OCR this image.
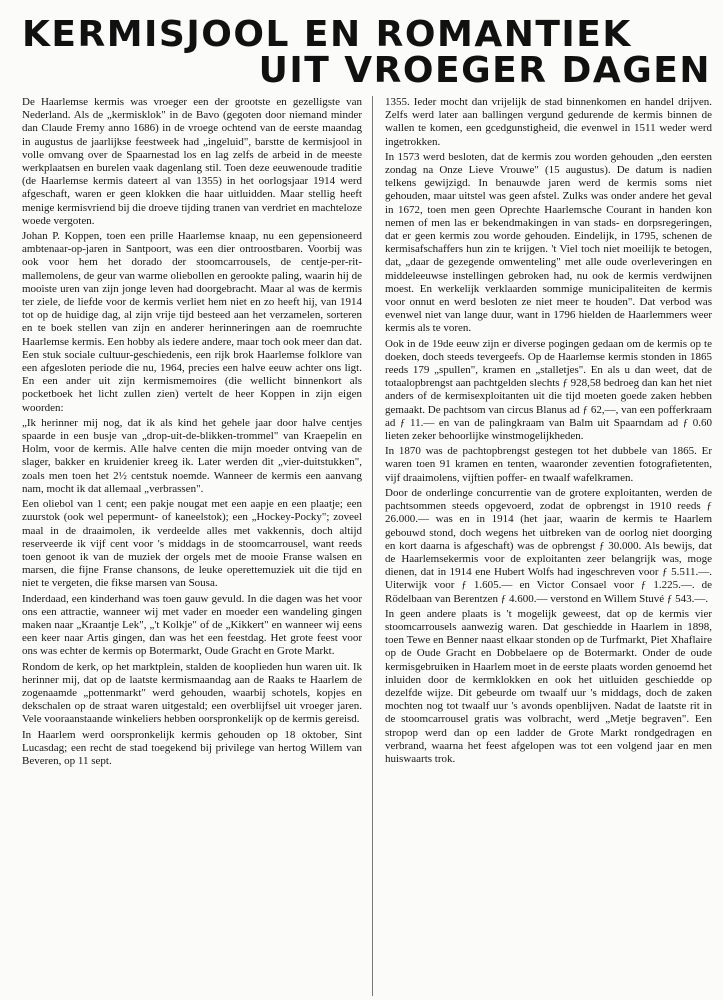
KERMISJOOL EN ROMANTIEK
UIT VROEGER DAGEN

De Haarlemse kermis was vroeger een der grootste en gezelligste van Nederland. Als de „kermisklok" in de Bavo (gegoten door niemand minder dan Claude Fremy anno 1686) in de vroege ochtend van de eerste maandag in augustus de jaarlijkse feestweek had „ingeluid", barstte de kermisjool in volle omvang over de Spaarnestad los en lag zelfs de arbeid in de meeste werkplaatsen en burelen vaak dagenlang stil. Toen deze eeuwenoude traditie (de Haarlemse kermis dateert al van 1355) in het oorlogsjaar 1914 werd afgeschaft, waren er geen klokken die haar uitluidden. Maar stellig heeft menige kermisvriend bij die droeve tijding tranen van verdriet en machteloze woede vergoten.

Johan P. Koppen, toen een prille Haarlemse knaap, nu een gepensioneerd ambtenaar-op-jaren in Santpoort, was een dier ontroostbaren. Voorbij was ook voor hem het dorado der stoomcarrousels, de centje-per-rit-mallemolens, de geur van warme oliebollen en gerookte paling, waarin hij de mooiste uren van zijn jonge leven had doorgebracht. Maar al was de kermis ter ziele, de liefde voor de kermis verliet hem niet en zo heeft hij, van 1914 tot op de huidige dag, al zijn vrije tijd besteed aan het verzamelen, sorteren en te boek stellen van zijn en anderer herinneringen aan de roemruchte Haarlemse kermis. Een hobby als iedere andere, maar toch ook meer dan dat. Een stuk sociale cultuur-geschiedenis, een rijk brok Haarlemse folklore van een afgesloten periode die nu, 1964, precies een halve eeuw achter ons ligt. En een ander uit zijn kermismemoires (die wellicht binnenkort als pocketboek het licht zullen zien) vertelt de heer Koppen in zijn eigen woorden:

„Ik herinner mij nog, dat ik als kind het gehele jaar door halve centjes spaarde in een busje van „drop-uit-de-blikken-trommel" van Kraepelin en Holm, voor de kermis. Alle halve centen die mijn moeder ontving van de slager, bakker en kruidenier kreeg ik. Later werden dit „vier-duitstukken", zoals men toen het 2½ centstuk noemde. Wanneer de kermis een aanvang nam, mocht ik dat allemaal „verbrassen".

Een oliebol van 1 cent; een pakje nougat met een aapje en een plaatje; een zuurstok (ook wel pepermunt- of kaneelstok); een „Hockey-Pocky"; zoveel maal in de draaimolen, ik verdeelde alles met vakkennis, doch altijd reserveerde ik vijf cent voor 's middags in de stoomcarrousel, want reeds toen genoot ik van de muziek der orgels met de mooie Franse walsen en marsen, die fijne Franse chansons, de leuke operettemuziek uit die tijd en niet te vergeten, die fikse marsen van Sousa.

Inderdaad, een kinderhand was toen gauw gevuld. In die dagen was het voor ons een attractie, wanneer wij met vader en moeder een wandeling gingen maken naar „Kraantje Lek", „'t Kolkje" of de „Kikkert" en wanneer wij eens een keer naar Artis gingen, dan was het een feestdag. Het grote feest voor ons was echter de kermis op Botermarkt, Oude Gracht en Grote Markt.

Rondom de kerk, op het marktplein, stalden de kooplieden hun waren uit. Ik herinner mij, dat op de laatste kermismaandag aan de Raaks te Haarlem de zogenaamde „pottenmarkt" werd gehouden, waarbij schotels, kopjes en dekschalen op de straat waren uitgestald; een overblijfsel uit vroeger jaren. Vele vooraanstaande winkeliers hebben oorspronkelijk op de kermis gereisd.

In Haarlem werd oorspronkelijk kermis gehouden op 18 oktober, Sint Lucasdag; een recht de stad toegekend bij privilege van hertog Willem van Beveren, op 11 sept.

1355. Ieder mocht dan vrijelijk de stad binnenkomen en handel drijven. Zelfs werd later aan ballingen vergund gedurende de kermis binnen de wallen te komen, een gcedgunstigheid, die evenwel in 1511 weder werd ingetrokken.

In 1573 werd besloten, dat de kermis zou worden gehouden „den eersten zondag na Onze Lieve Vrouwe" (15 augustus). De datum is nadien telkens gewijzigd. In benauwde jaren werd de kermis soms niet gehouden, maar uitstel was geen afstel. Zulks was onder andere het geval in 1672, toen men geen Oprechte Haarlemsche Courant in handen kon nemen of men las er bekendmakingen in van stads- en dorpsregeringen, dat er geen kermis zou worde gehouden. Eindelijk, in 1795, schenen de kermisafschaffers hun zin te krijgen. 't Viel toch niet moeilijk te betogen, dat, „daar de gezegende omwenteling" met alle oude overleveringen en middeleeuwse instellingen gebroken had, nu ook de kermis verdwijnen moest. En werkelijk verklaarden sommige municipaliteiten de kermis voor onnut en werd besloten ze niet meer te houden". Dat verbod was evenwel niet van lange duur, want in 1796 hielden de Haarlemmers weer kermis als te voren.

Ook in de 19de eeuw zijn er diverse pogingen gedaan om de kermis op te doeken, doch steeds tevergeefs. Op de Haarlemse kermis stonden in 1865 reeds 179 „spullen", kramen en „stalletjes". En als u dan weet, dat de totaalopbrengst aan pachtgelden slechts ƒ 928,58 bedroeg dan kan het niet anders of de kermisexploitanten uit die tijd moeten goede zaken hebben gemaakt. De pachtsom van circus Blanus ad ƒ 62,—, van een pofferkraam ad ƒ 11.— en van de palingkraam van Balm uit Spaarndam ad ƒ 0.60 lieten zeker behoorlijke winstmogelijkheden.

In 1870 was de pachtopbrengst gestegen tot het dubbele van 1865. Er waren toen 91 kramen en tenten, waaronder zeventien fotografietenten, vijf draaimolens, vijftien poffer- en twaalf wafelkramen.

Door de onderlinge concurrentie van de grotere exploitanten, werden de pachtsommen steeds opgevoerd, zodat de opbrengst in 1910 reeds ƒ 26.000.— was en in 1914 (het jaar, waarin de kermis te Haarlem gebouwd stond, doch wegens het uitbreken van de oorlog niet doorging en kort daarna is afgeschaft) was de opbrengst ƒ 30.000. Als bewijs, dat de Haarlemsekermis voor de exploitanten zeer belangrijk was, moge dienen, dat in 1914 ene Hubert Wolfs had ingeschreven voor ƒ 5.511.—. Uiterwijk voor ƒ 1.605.— en Victor Consael voor ƒ 1.225.—. de Rödelbaan van Berentzen ƒ 4.600.— verstond en Willem Stuvé ƒ 543.—.

In geen andere plaats is 't mogelijk geweest, dat op de kermis vier stoomcarrousels aanwezig waren. Dat geschiedde in Haarlem in 1898, toen Tewe en Benner naast elkaar stonden op de Turfmarkt, Piet Xhaflaire op de Oude Gracht en Dobbelaere op de Botermarkt. Onder de oude kermisgebruiken in Haarlem moet in de eerste plaats worden genoemd het inluiden door de kermklokken en ook het uitluiden geschiedde op dezelfde wijze. Dit gebeurde om twaalf uur 's middags, doch de zaken mochten nog tot twaalf uur 's avonds openblijven. Nadat de laatste rit in de stoomcarrousel gratis was volbracht, werd „Metje begraven". Een stropop werd dan op een ladder de Grote Markt rondgedragen en verbrand, waarna het feest afgelopen was tot een volgend jaar en men huiswaarts trok.
